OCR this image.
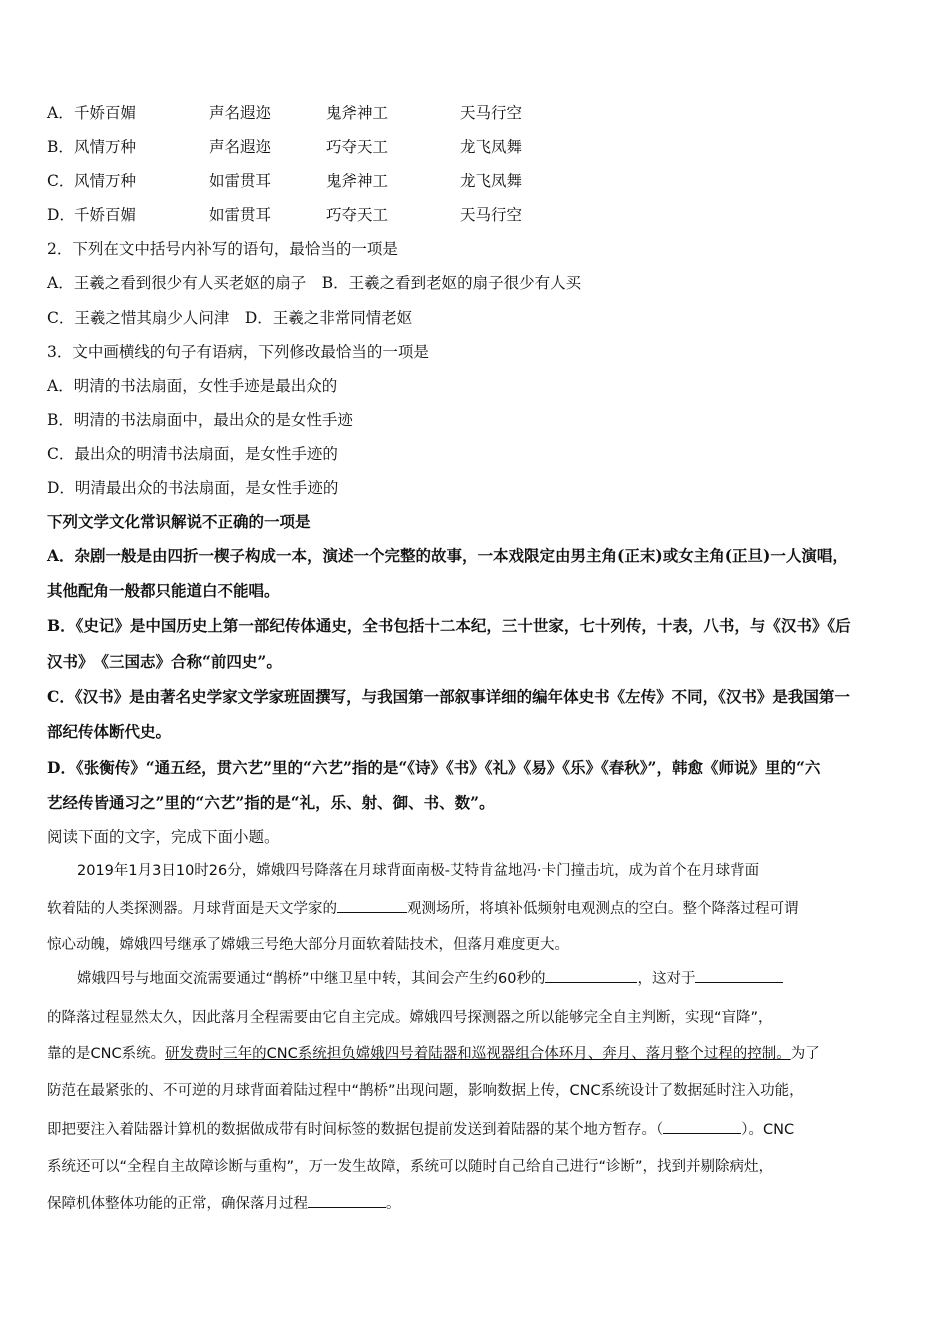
A． 千娇百媚	声名遐迩	鬼斧神工	天马行空
B． 风情万种	声名遐迩	巧夺天工	龙飞凤舞
C． 风情万种	如雷贯耳	鬼斧神工	龙飞凤舞
D． 千娇百媚	如雷贯耳	巧夺天工	天马行空
2．下列在文中括号内补写的语句，最恰当的一项是
A．王羲之看到很少有人买老妪的扇子　B．王羲之看到老妪的扇子很少有人买
C．王羲之惜其扇少人问津　D．王羲之非常同情老妪
3．文中画横线的句子有语病，下列修改最恰当的一项是
A．明清的书法扇面，女性手迹是最出众的
B．明清的书法扇面中，最出众的是女性手迹
C．最出众的明清书法扇面，是女性手迹的
D．明清最出众的书法扇面，是女性手迹的
下列文学文化常识解说不正确的一项是
A．杂剧一般是由四折一楔子构成一本，演述一个完整的故事，一本戏限定由男主角(正末)或女主角(正旦)一人演唱，
其他配角一般都只能道白不能唱。
B．《史记》是中国历史上第一部纪传体通史，全书包括十二本纪，三十世家，七十列传，十表，八书，与《汉书》《后
汉书》　《三国志》合称“前四史”。
C．《汉书》是由著名史学家文学家班固撰写，与我国第一部叙事详细的编年体史书《左传》不同，《汉书》是我国第一
部纪传体断代史。
D．《张衡传》“通五经，贯六艺”里的“六艺”指的是“《诗》《书》《礼》《易》《乐》《春秋》”，韩愈《师说》里的“六
艺经传皆通习之”里的“六艺”指的是“礼，乐、射、御、书、数”。
阅读下面的文字，完成下面小题。
2019年1月3日10时26分，嫦娥四号降落在月球背面南极-艾特肯盆地冯·卡门撞击坑，成为首个在月球背面
软着陆的人类探测器。月球背面是天文学家的	观测场所，将填补低频射电观测点的空白。整个降落过程可谓
惊心动魄，嫦娥四号继承了嫦娥三号绝大部分月面软着陆技术，但落月难度更大。
嫦娥四号与地面交流需要通过“鹊桥”中继卫星中转，其间会产生约60秒的	，这对于
的降落过程显然太久，因此落月全程需要由它自主完成。嫦娥四号探测器之所以能够完全自主判断，实现“盲降”，
靠的是CNC系统。研发费时三年的CNC系统担负嫦娥四号着陆器和巡视器组合体环月、奔月、落月整个过程的控制。为了
防范在最紧张的、不可逆的月球背面着陆过程中“鹊桥”出现问题，影响数据上传，CNC系统设计了数据延时注入功能，
即把要注入着陆器计算机的数据做成带有时间标签的数据包提前发送到着陆器的某个地方暂存。（	）。CNC
系统还可以“全程自主故障诊断与重构”，万一发生故障，系统可以随时自己给自己进行“诊断”，找到并剔除病灶，
保障机体整体功能的正常，确保落月过程	。
